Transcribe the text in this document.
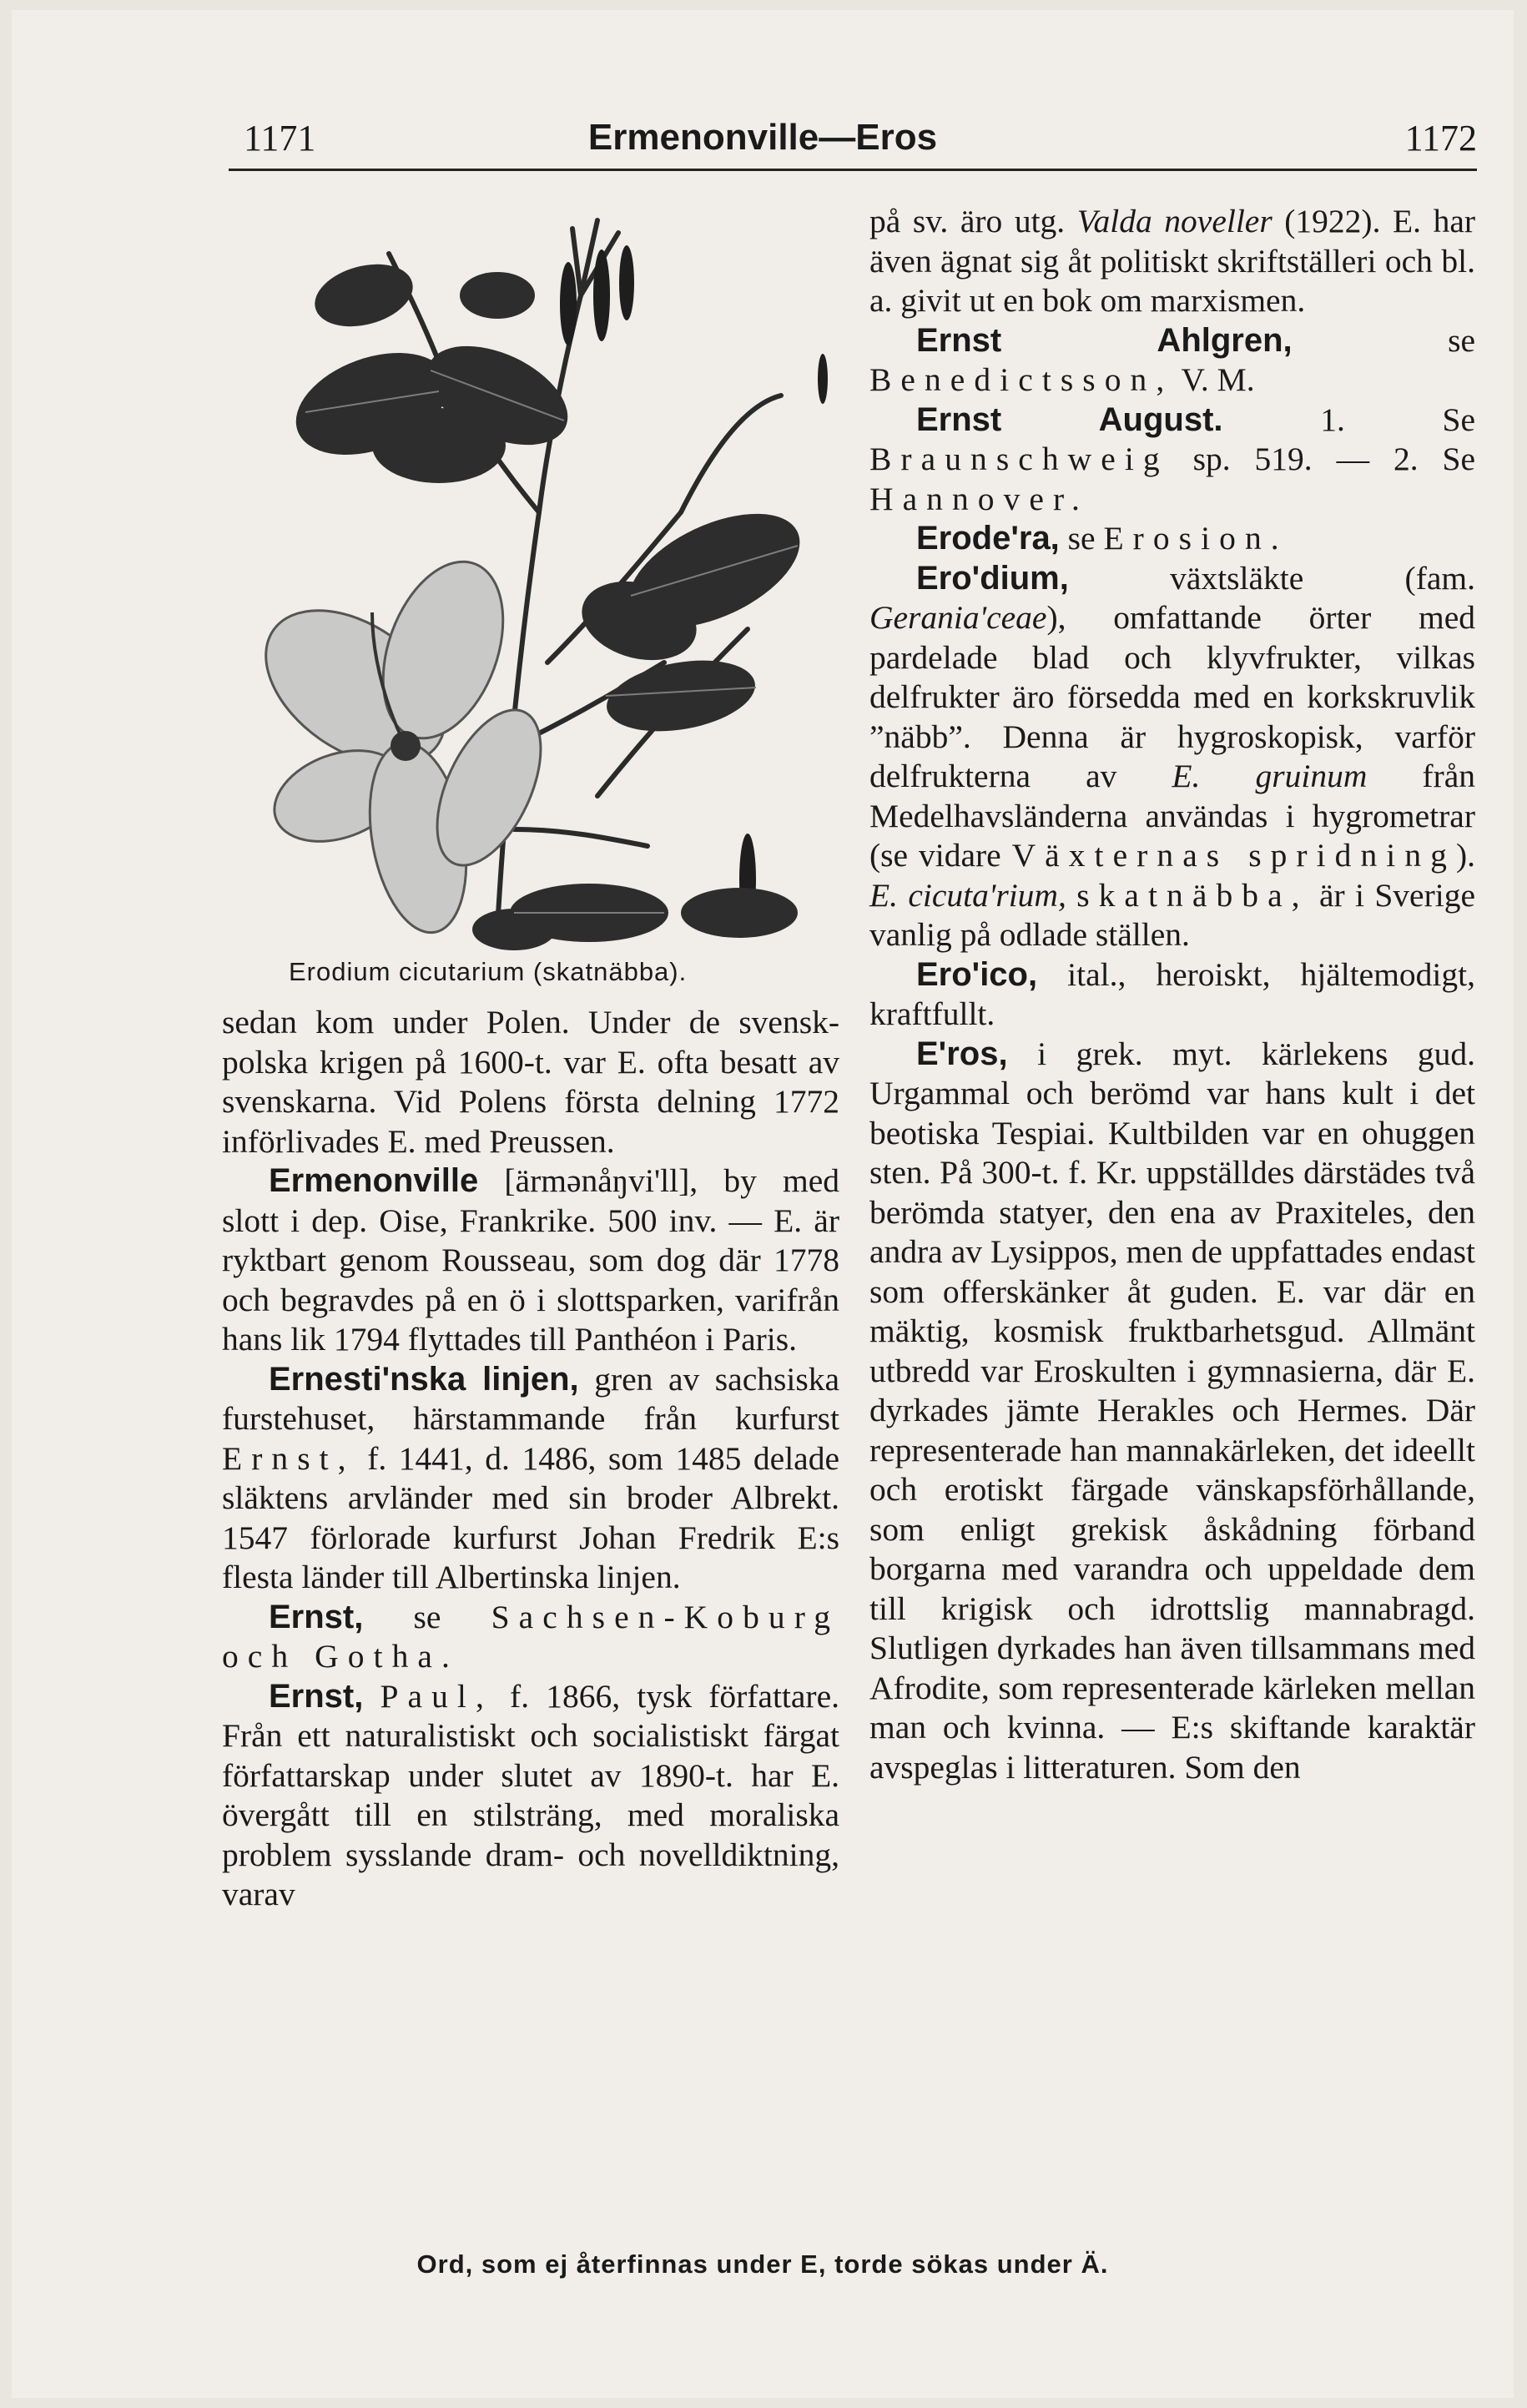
1171	Ermenonville—Eros	1172
Erodium cicutarium (skatnäbba).

sedan kom under Polen. Under de svensk-polska krigen på 1600-t. var E. ofta besatt av svenskarna. Vid Polens första delning 1772 införlivades E. med Preussen.

Ermenonville [ärmənåŋvi'll], by med slott i dep. Oise, Frankrike. 500 inv. — E. är ryktbart genom Rousseau, som dog där 1778 och begravdes på en ö i slottsparken, varifrån hans lik 1794 flyttades till Panthéon i Paris.

Ernesti'nska linjen, gren av sachsiska furstehuset, härstammande från kurfurst Ernst, f. 1441, d. 1486, som 1485 delade släktens arvländer med sin broder Albrekt. 1547 förlorade kurfurst Johan Fredrik E:s flesta länder till Albertinska linjen.

Ernst, se Sachsen-Koburg och Gotha.

Ernst, Paul, f. 1866, tysk författare. Från ett naturalistiskt och socialistiskt färgat författarskap under slutet av 1890-t. har E. övergått till en stilsträng, med moraliska problem sysslande dram- och novelldiktning, varav

på sv. äro utg. Valda noveller (1922). E. har även ägnat sig åt politiskt skriftställeri och bl. a. givit ut en bok om marxismen.

Ernst Ahlgren,	se Benedictsson, V. M.

Ernst August.	1. Se Braunschweig sp. 519. — 2. Se Hannover.

Erode'ra, se Erosion.

Ero'dium,	växtsläkte (fam. Gerania'ceae), omfattande örter med pardelade blad och klyvfrukter, vilkas delfrukter äro försedda med en korkskruvlik ”näbb”. Denna är hygroskopisk, varför delfrukterna av E. gruinum från Medelhavsländerna användas i hygrometrar (se vidare Växternas spridning). E. cicuta'rium, skatnäbba, är i Sverige vanlig på odlade ställen.

Ero'ico, ital., heroiskt, hjältemodigt, kraftfullt.

E'ros, i grek. myt. kärlekens gud. Urgammal och berömd var hans kult i det beotiska Tespiai. Kultbilden var en ohuggen sten. På 300-t. f. Kr. uppställdes därstädes två berömda statyer, den ena av Praxiteles, den andra av Lysippos, men de uppfattades endast som offerskänker åt guden. E. var där en mäktig, kosmisk fruktbarhetsgud. Allmänt utbredd var Eroskulten i gymnasierna, där E. dyrkades jämte Herakles och Hermes. Där representerade han mannakärleken, det ideellt och erotiskt färgade vänskapsförhållande, som enligt grekisk åskådning förband borgarna med varandra och uppeldade dem till krigisk och idrottslig mannabragd. Slutligen dyrkades han även tillsammans med Afrodite, som representerade kärleken mellan man och kvinna. — E:s skiftande karaktär avspeglas i litteraturen. Som den

Ord, som ej återfinnas under E, torde sökas under Ä.
